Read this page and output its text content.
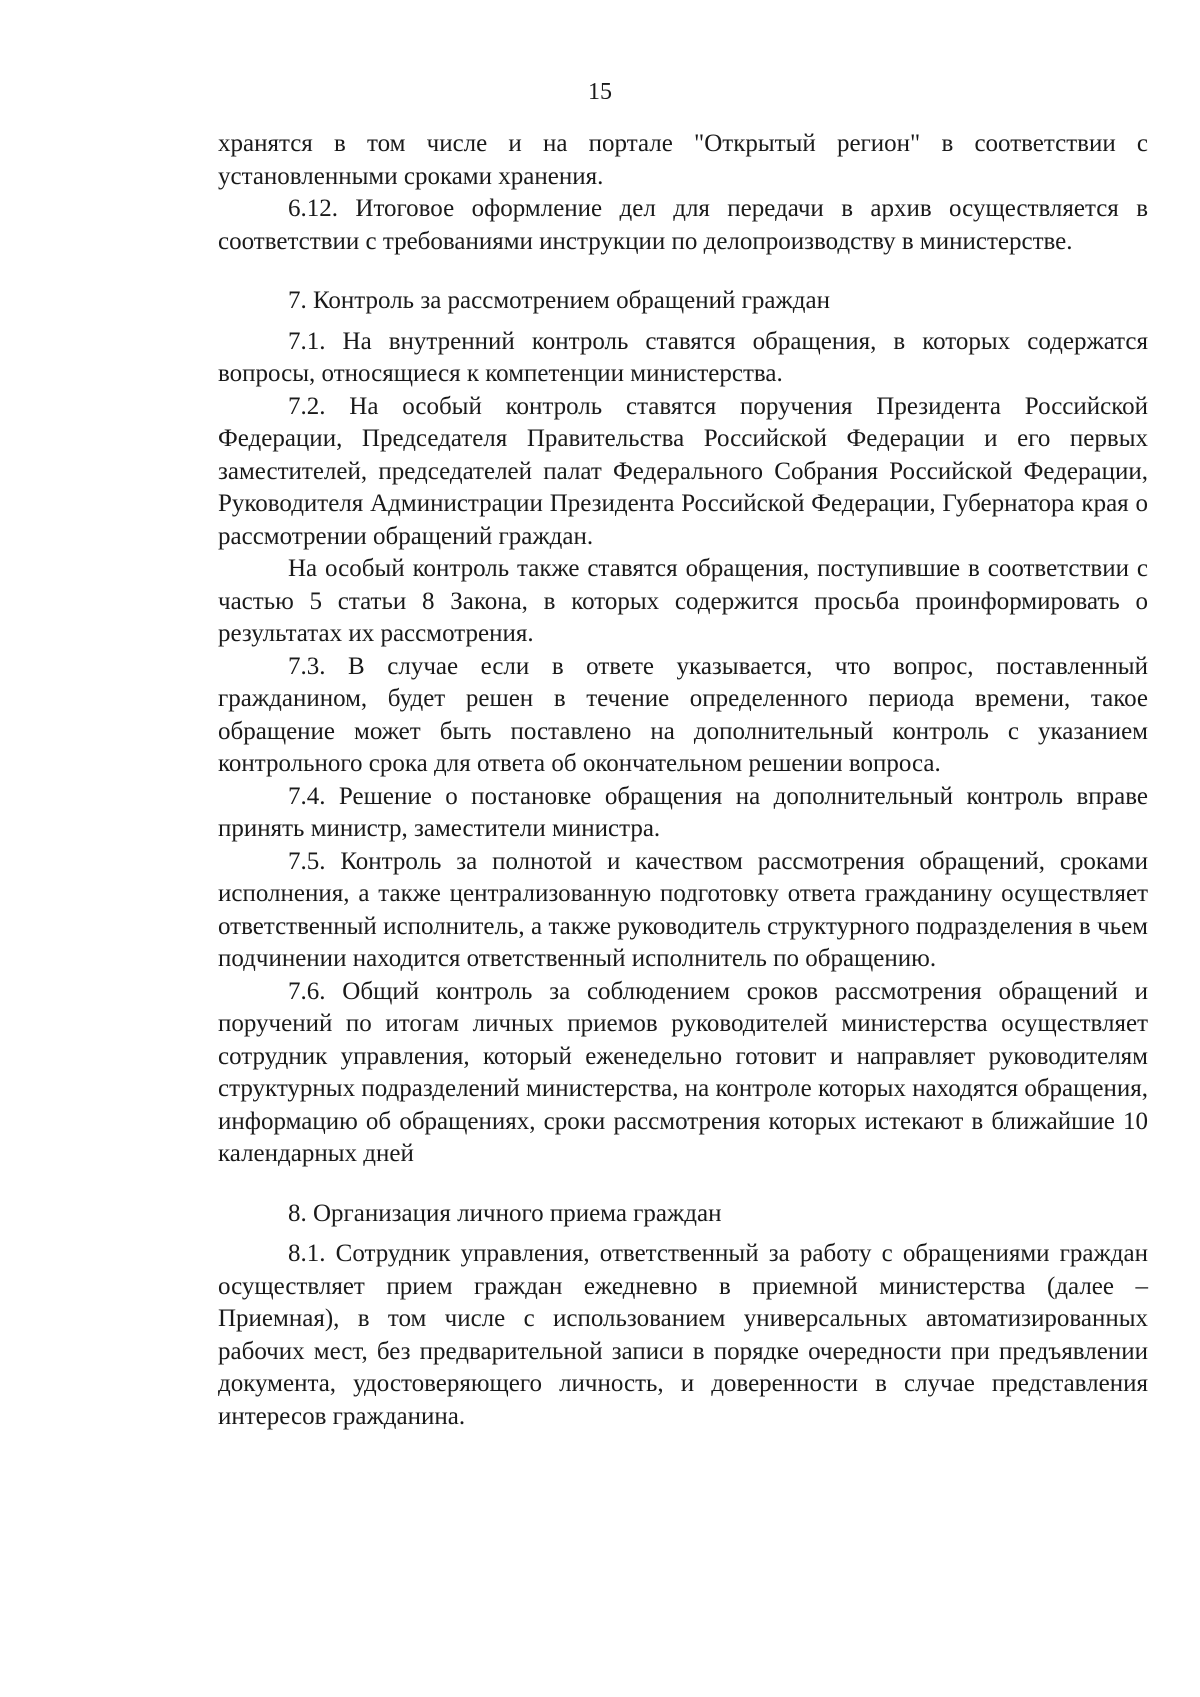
15

хранятся в том числе и на портале "Открытый регион" в соответствии с установленными сроками хранения.

6.12. Итоговое оформление дел для передачи в архив осуществляется в соответствии с требованиями инструкции по делопроизводству в министерстве.

7. Контроль за рассмотрением обращений граждан

7.1. На внутренний контроль ставятся обращения, в которых содержатся вопросы, относящиеся к компетенции министерства.

7.2. На особый контроль ставятся поручения Президента Российской Федерации, Председателя Правительства Российской Федерации и его первых заместителей, председателей палат Федерального Собрания Российской Федерации, Руководителя Администрации Президента Российской Федерации, Губернатора края о рассмотрении обращений граждан.

На особый контроль также ставятся обращения, поступившие в соответствии с частью 5 статьи 8 Закона, в которых содержится просьба проинформировать о результатах их рассмотрения.

7.3. В случае если в ответе указывается, что вопрос, поставленный гражданином, будет решен в течение определенного периода времени, такое обращение может быть поставлено на дополнительный контроль с указанием контрольного срока для ответа об окончательном решении вопроса.

7.4. Решение о постановке обращения на дополнительный контроль вправе принять министр, заместители министра.

7.5. Контроль за полнотой и качеством рассмотрения обращений, сроками исполнения, а также централизованную подготовку ответа гражданину осуществляет ответственный исполнитель, а также руководитель структурного подразделения в чьем подчинении находится ответственный исполнитель по обращению.

7.6. Общий контроль за соблюдением сроков рассмотрения обращений и поручений по итогам личных приемов руководителей министерства осуществляет сотрудник управления, который еженедельно готовит и направляет руководителям структурных подразделений министерства, на контроле которых находятся обращения, информацию об обращениях, сроки рассмотрения которых истекают в ближайшие 10 календарных дней

8. Организация личного приема граждан

8.1. Сотрудник управления, ответственный за работу с обращениями граждан осуществляет прием граждан ежедневно в приемной министерства (далее – Приемная), в том числе с использованием универсальных автоматизированных рабочих мест, без предварительной записи в порядке очередности при предъявлении документа, удостоверяющего личность, и доверенности в случае представления интересов гражданина.
